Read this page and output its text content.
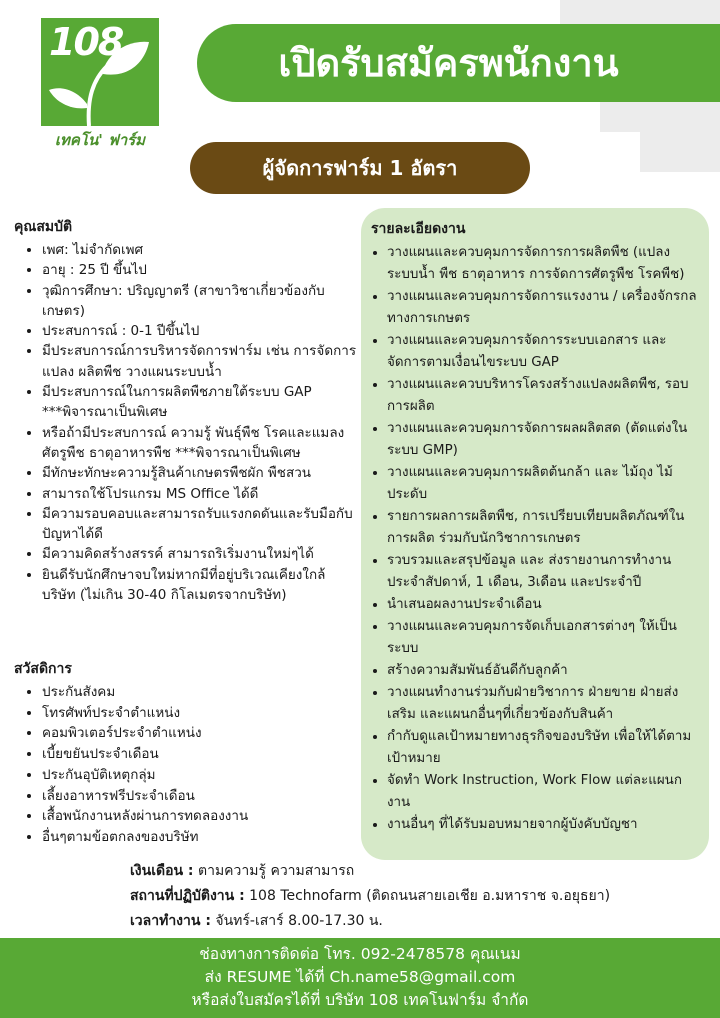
108
เทคโน' ฟาร์ม
เปิดรับสมัครพนักงาน
ผู้จัดการฟาร์ม 1 อัตรา
คุณสมบัติ
• เพศ: ไม่จำกัดเพศ
• อายุ : 25 ปี ขึ้นไป
• วุฒิการศึกษา: ปริญญาตรี (สาขาวิชาเกี่ยวข้องกับเกษตร)
• ประสบการณ์ : 0-1 ปีขึ้นไป
• มีประสบการณ์การบริหารจัดการฟาร์ม เช่น การจัดการแปลง ผลิตพืช วางแผนระบบน้ำ
• มีประสบการณ์ในการผลิตพืชภายใต้ระบบ GAP ***พิจารณาเป็นพิเศษ
• หรือถ้ามีประสบการณ์ ความรู้ พันธุ์พืช โรคและแมลงศัตรูพืช ธาตุอาหารพืช ***พิจารณาเป็นพิเศษ
• มีทักษะทักษะความรู้สินค้าเกษตรพืชผัก พืชสวน
• สามารถใช้โปรแกรม MS Office ได้ดี
• มีความรอบคอบและสามารถรับแรงกดดันและรับมือกับปัญหาได้ดี
• มีความคิดสร้างสรรค์ สามารถริเริ่มงานใหม่ๆได้
• ยินดีรับนักศึกษาจบใหม่หากมีที่อยู่บริเวณเคียงใกล้บริษัท (ไม่เกิน 30-40 กิโลเมตรจากบริษัท)
สวัสดิการ
• ประกันสังคม
• โทรศัพท์ประจำตำแหน่ง
• คอมพิวเตอร์ประจำตำแหน่ง
• เบี้ยขยันประจำเดือน
• ประกันอุบัติเหตุกลุ่ม
• เลี้ยงอาหารฟรีประจำเดือน
• เสื้อพนักงานหลังผ่านการทดลองงาน
• อื่นๆตามข้อตกลงของบริษัท
รายละเอียดงาน
• วางแผนและควบคุมการจัดการการผลิตพืช (แปลง ระบบน้ำ พืช ธาตุอาหาร การจัดการศัตรูพืช โรคพืช)
• วางแผนและควบคุมการจัดการแรงงาน / เครื่องจักรกลทางการเกษตร
• วางแผนและควบคุมการจัดการระบบเอกสาร และจัดการตามเงื่อนไขระบบ GAP
• วางแผนและควบบริหารโครงสร้างแปลงผลิตพืช, รอบการผลิต
• วางแผนและควบคุมการจัดการผลผลิตสด (ตัดแต่งในระบบ GMP)
• วางแผนและควบคุมการผลิตต้นกล้า และ ไม้ถุง ไม้ประดับ
• รายการผลการผลิตพืช, การเปรียบเทียบผลิตภัณฑ์ในการผลิต ร่วมกับนักวิชาการเกษตร
• รวบรวมและสรุปข้อมูล และ ส่งรายงานการทำงานประจำสัปดาห์, 1 เดือน, 3เดือน และประจำปี
• นำเสนอผลงานประจำเดือน
• วางแผนและควบคุมการจัดเก็บเอกสารต่างๆ ให้เป็นระบบ
• สร้างความสัมพันธ์อันดีกับลูกค้า
• วางแผนทำงานร่วมกับฝ่ายวิชาการ ฝ่ายขาย ฝ่ายส่งเสริม และแผนกอื่นๆที่เกี่ยวข้องกับสินค้า
• กำกับดูแลเป้าหมายทางธุรกิจของบริษัท เพื่อให้ได้ตามเป้าหมาย
• จัดทำ Work Instruction, Work Flow แต่ละแผนกงาน
• งานอื่นๆ ที่ได้รับมอบหมายจากผู้บังคับบัญชา
เงินเดือน : ตามความรู้ ความสามารถ
สถานที่ปฏิบัติงาน : 108 Technofarm (ติดถนนสายเอเชีย อ.มหาราช จ.อยุธยา)
เวลาทำงาน : จันทร์-เสาร์ 8.00-17.30 น.
ช่องทางการติดต่อ โทร. 092-2478578 คุณเนม
ส่ง RESUME ได้ที่ Ch.name58@gmail.com
หรือส่งใบสมัครได้ที่ บริษัท 108 เทคโนฟาร์ม จำกัด
